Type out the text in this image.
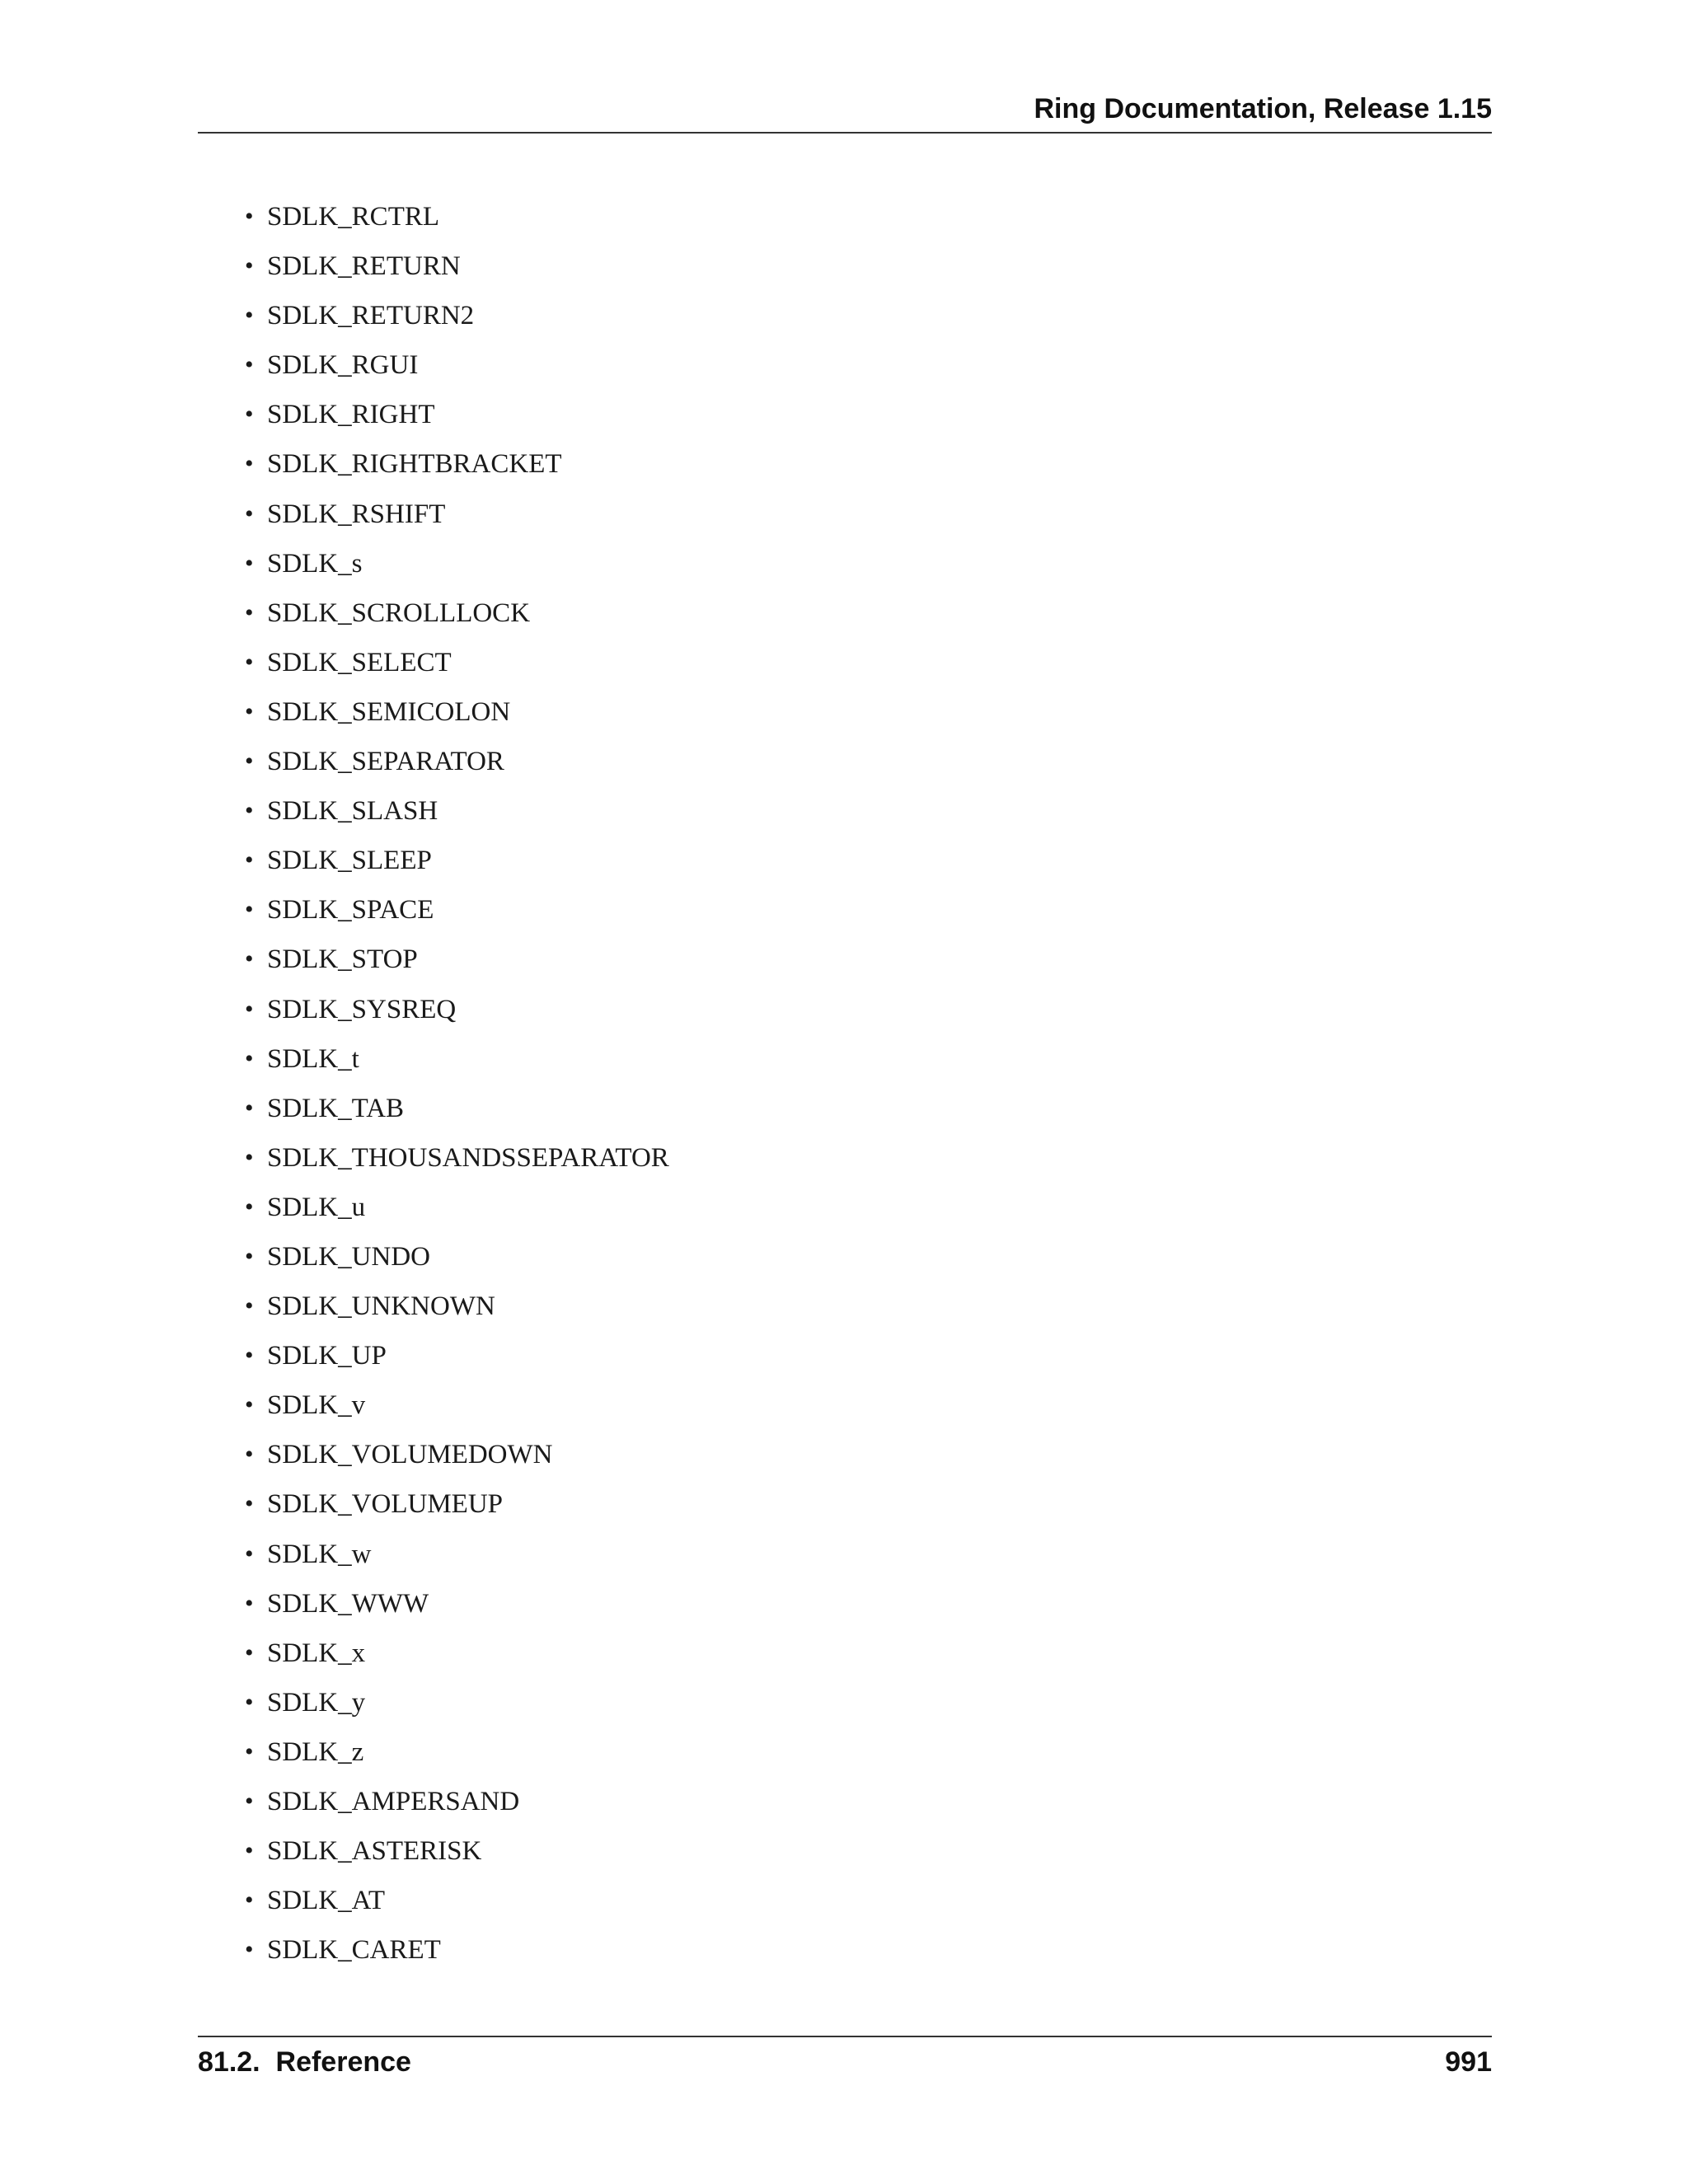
Ring Documentation, Release 1.15
• SDLK_RCTRL
• SDLK_RETURN
• SDLK_RETURN2
• SDLK_RGUI
• SDLK_RIGHT
• SDLK_RIGHTBRACKET
• SDLK_RSHIFT
• SDLK_s
• SDLK_SCROLLLOCK
• SDLK_SELECT
• SDLK_SEMICOLON
• SDLK_SEPARATOR
• SDLK_SLASH
• SDLK_SLEEP
• SDLK_SPACE
• SDLK_STOP
• SDLK_SYSREQ
• SDLK_t
• SDLK_TAB
• SDLK_THOUSANDSSEPARATOR
• SDLK_u
• SDLK_UNDO
• SDLK_UNKNOWN
• SDLK_UP
• SDLK_v
• SDLK_VOLUMEDOWN
• SDLK_VOLUMEUP
• SDLK_w
• SDLK_WWW
• SDLK_x
• SDLK_y
• SDLK_z
• SDLK_AMPERSAND
• SDLK_ASTERISK
• SDLK_AT
• SDLK_CARET
81.2.  Reference	991
